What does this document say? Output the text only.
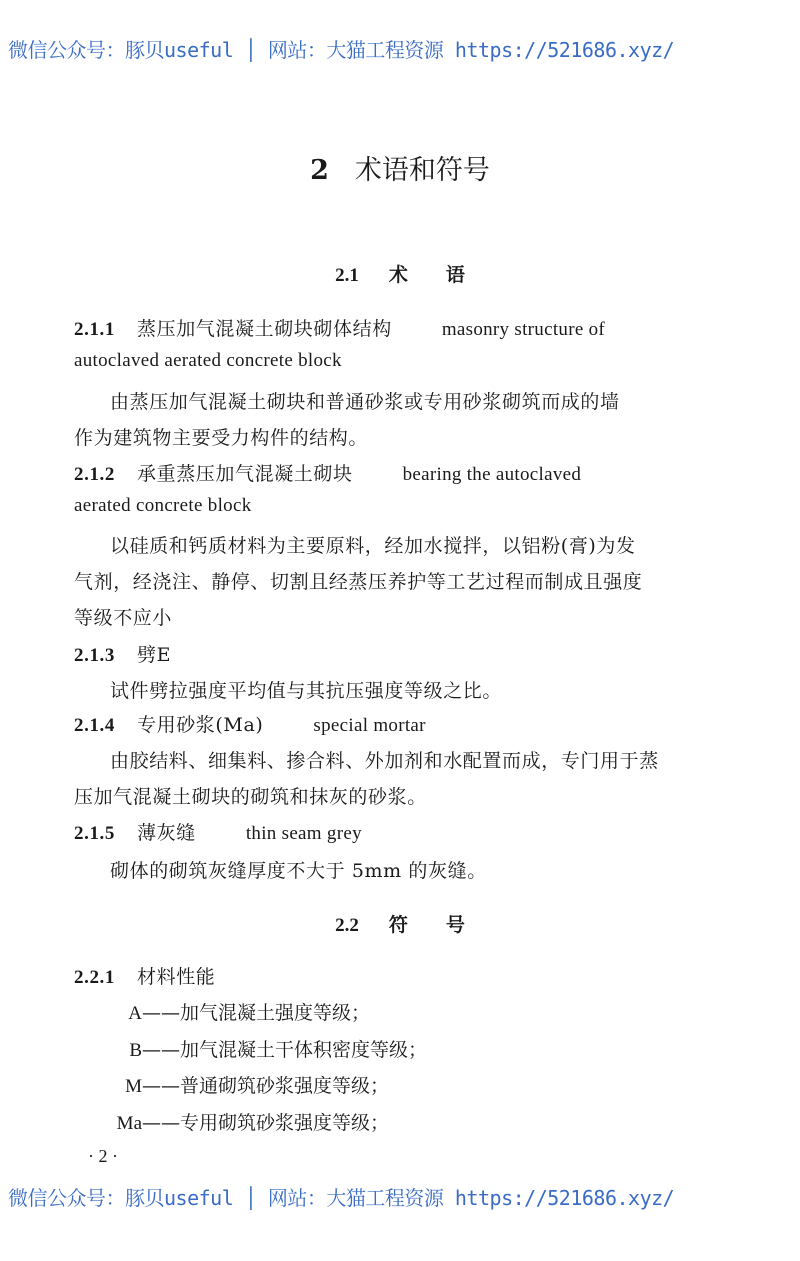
微信公众号：豚贝useful │ 网站：大猫工程资源 https://521686.xyz/
2 术语和符号
2.1 术　　语
2.1.1 蒸压加气混凝土砌块砌体结构	masonry structure of
autoclaved aerated concrete block
由蒸压加气混凝土砌块和普通砂浆或专用砂浆砌筑而成的墙
作为建筑物主要受力构件的结构。
2.1.2 承重蒸压加气混凝土砌块	bearing the autoclaved
aerated concrete block
以硅质和钙质材料为主要原料，经加水搅拌，以铝粉(膏)为发
气剂，经浇注、静停、切割且经蒸压养护等工艺过程而制成且强度
等级不应小
2.1.3 劈E
试件劈拉强度平均值与其抗压强度等级之比。
2.1.4 专用砂浆(Ma)	special mortar
由胶结料、细集料、掺合料、外加剂和水配置而成，专门用于蒸
压加气混凝土砌块的砌筑和抹灰的砂浆。
2.1.5 薄灰缝	thin seam grey
砌体的砌筑灰缝厚度不大于 5mm 的灰缝。
2.2 符　　号
2.2.1 材料性能
A——加气混凝土强度等级；
B——加气混凝土干体积密度等级；
M——普通砌筑砂浆强度等级；
Ma——专用砌筑砂浆强度等级；
· 2 ·
微信公众号：豚贝useful │ 网站：大猫工程资源 https://521686.xyz/
